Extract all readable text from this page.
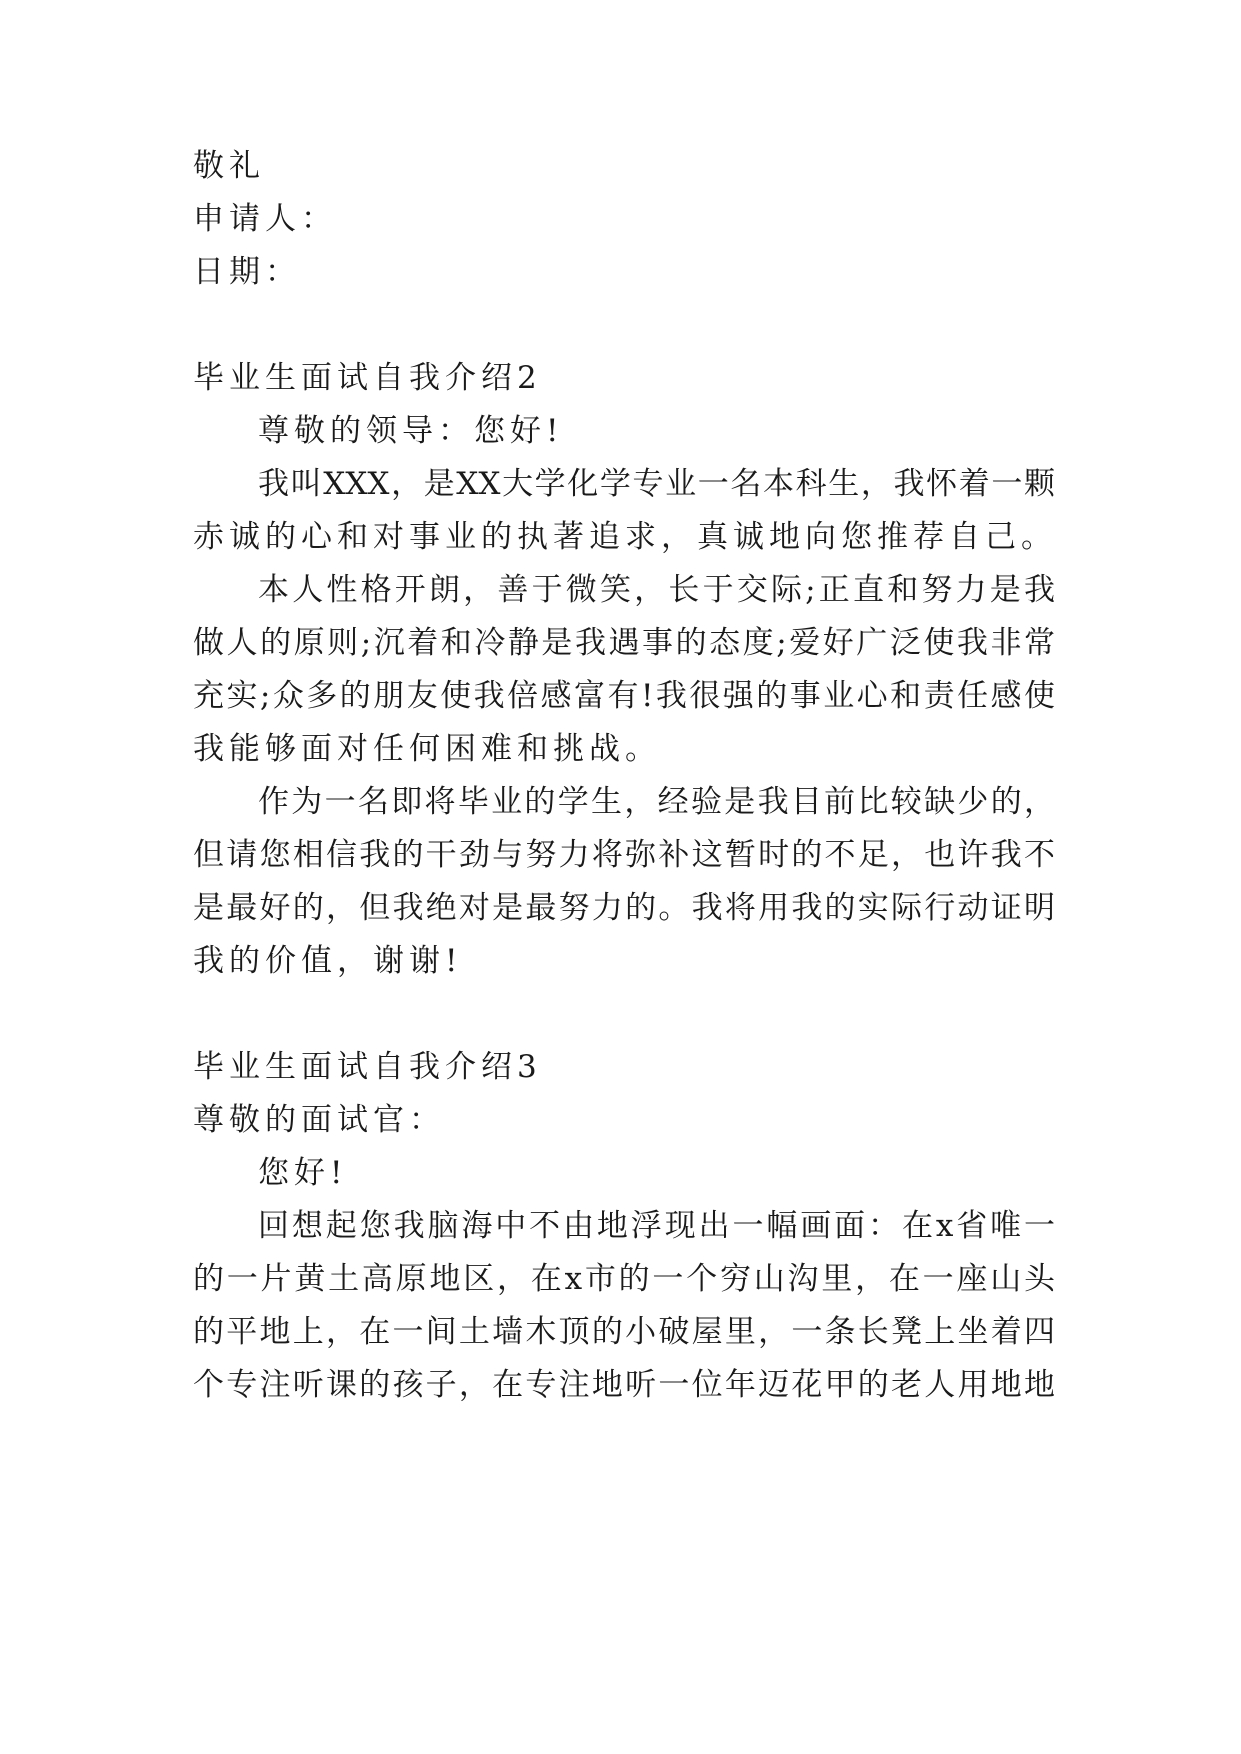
敬礼

申请人：

日期：

毕业生面试自我介绍2

尊敬的领导：您好!

我叫XXX，是XX大学化学专业一名本科生，我怀着一颗

赤诚的心和对事业的执著追求，真诚地向您推荐自己。

本人性格开朗，善于微笑，长于交际;正直和努力是我

做人的原则;沉着和冷静是我遇事的态度;爱好广泛使我非常

充实;众多的朋友使我倍感富有!我很强的事业心和责任感使

我能够面对任何困难和挑战。

作为一名即将毕业的学生，经验是我目前比较缺少的，

但请您相信我的干劲与努力将弥补这暂时的不足，也许我不

是最好的，但我绝对是最努力的。我将用我的实际行动证明

我的价值，谢谢!

毕业生面试自我介绍3

尊敬的面试官：

您好!

回想起您我脑海中不由地浮现出一幅画面：在x省唯一

的一片黄土高原地区，在x市的一个穷山沟里，在一座山头

的平地上，在一间土墙木顶的小破屋里，一条长凳上坐着四

个专注听课的孩子，在专注地听一位年迈花甲的老人用地地
